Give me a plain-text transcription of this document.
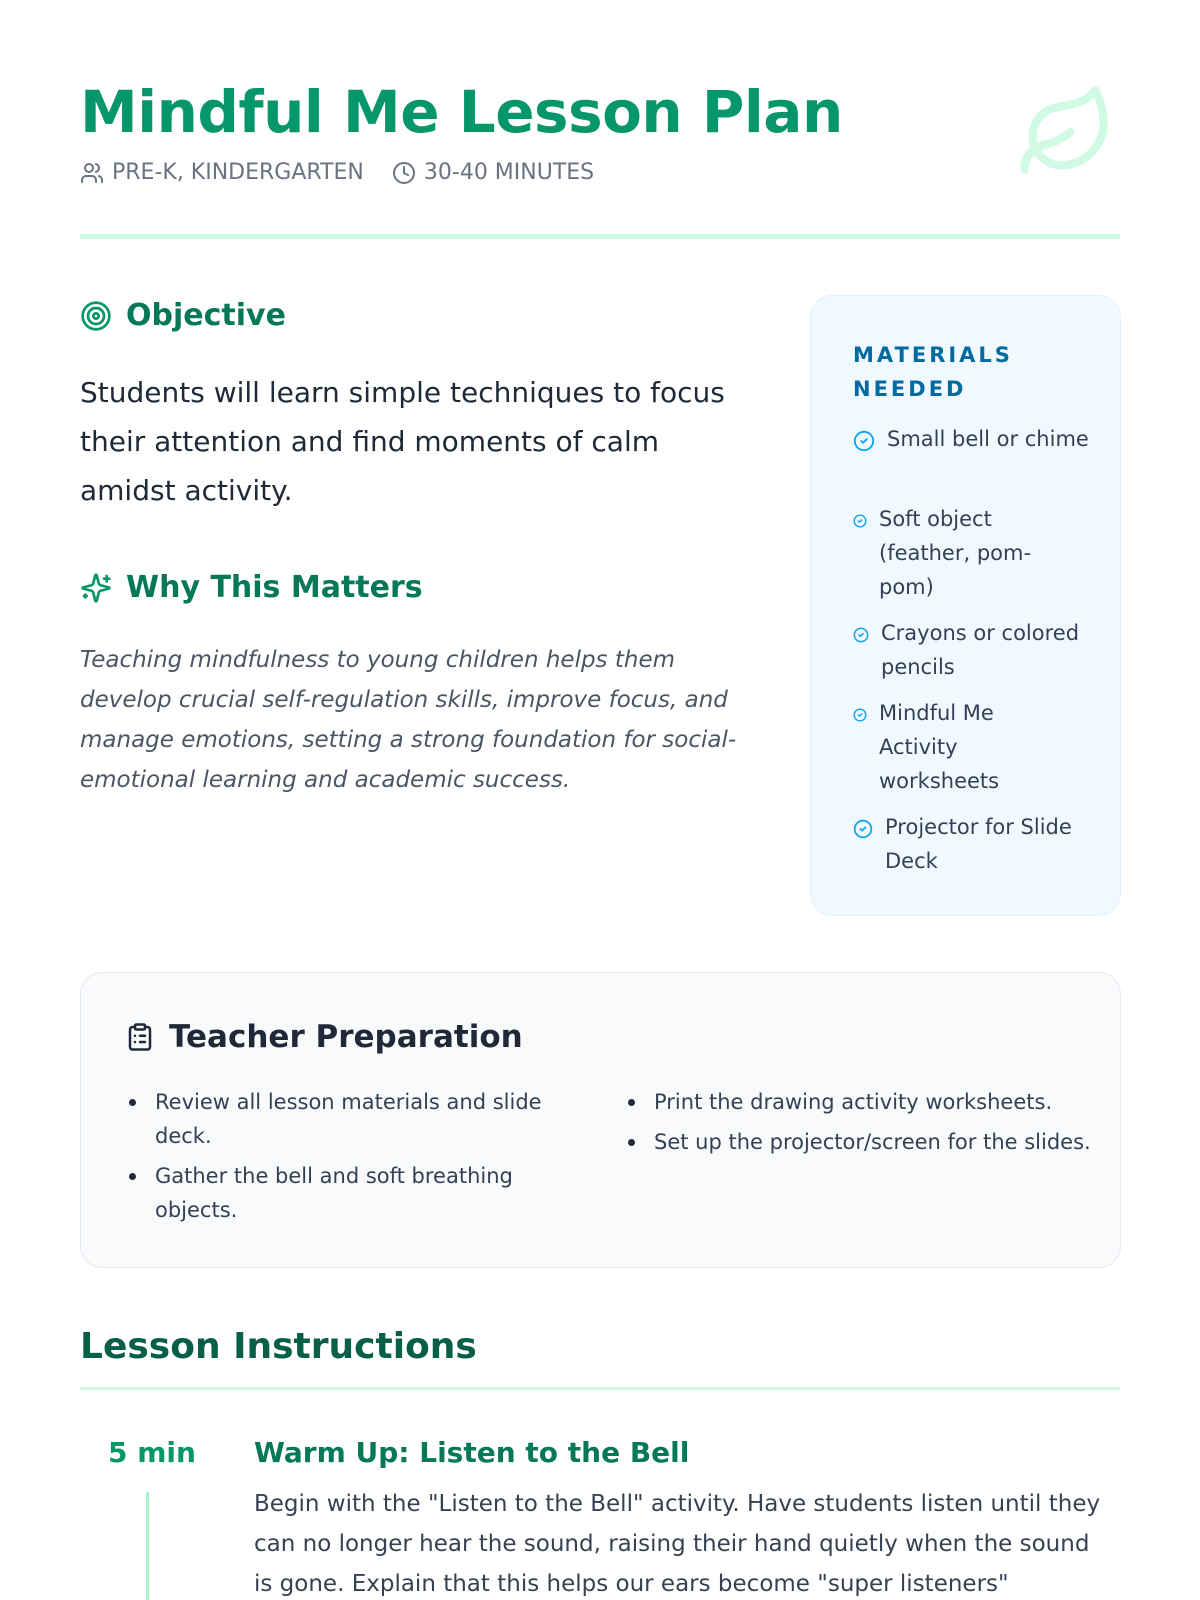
Mindful Me Lesson Plan
PRE-K, KINDERGARTEN	30-40 MINUTES
Objective

Students will learn simple techniques to focus their attention and find moments of calm amidst activity.

Why This Matters

Teaching mindfulness to young children helps them develop crucial self-regulation skills, improve focus, and manage emotions, setting a strong foundation for social-emotional learning and academic success.

MATERIALS NEEDED
Small bell or chime
Soft object (feather, pom-pom)
Crayons or colored pencils
Mindful Me Activity worksheets
Projector for Slide Deck
Teacher Preparation
Review all lesson materials and slide deck.
Gather the bell and soft breathing objects.
Print the drawing activity worksheets.
Set up the projector/screen for the slides.
Lesson Instructions
5 min Warm Up: Listen to the Bell

Begin with the "Listen to the Bell" activity. Have students listen until they can no longer hear the sound, raising their hand quietly when the sound is gone. Explain that this helps our ears become "super listeners"
